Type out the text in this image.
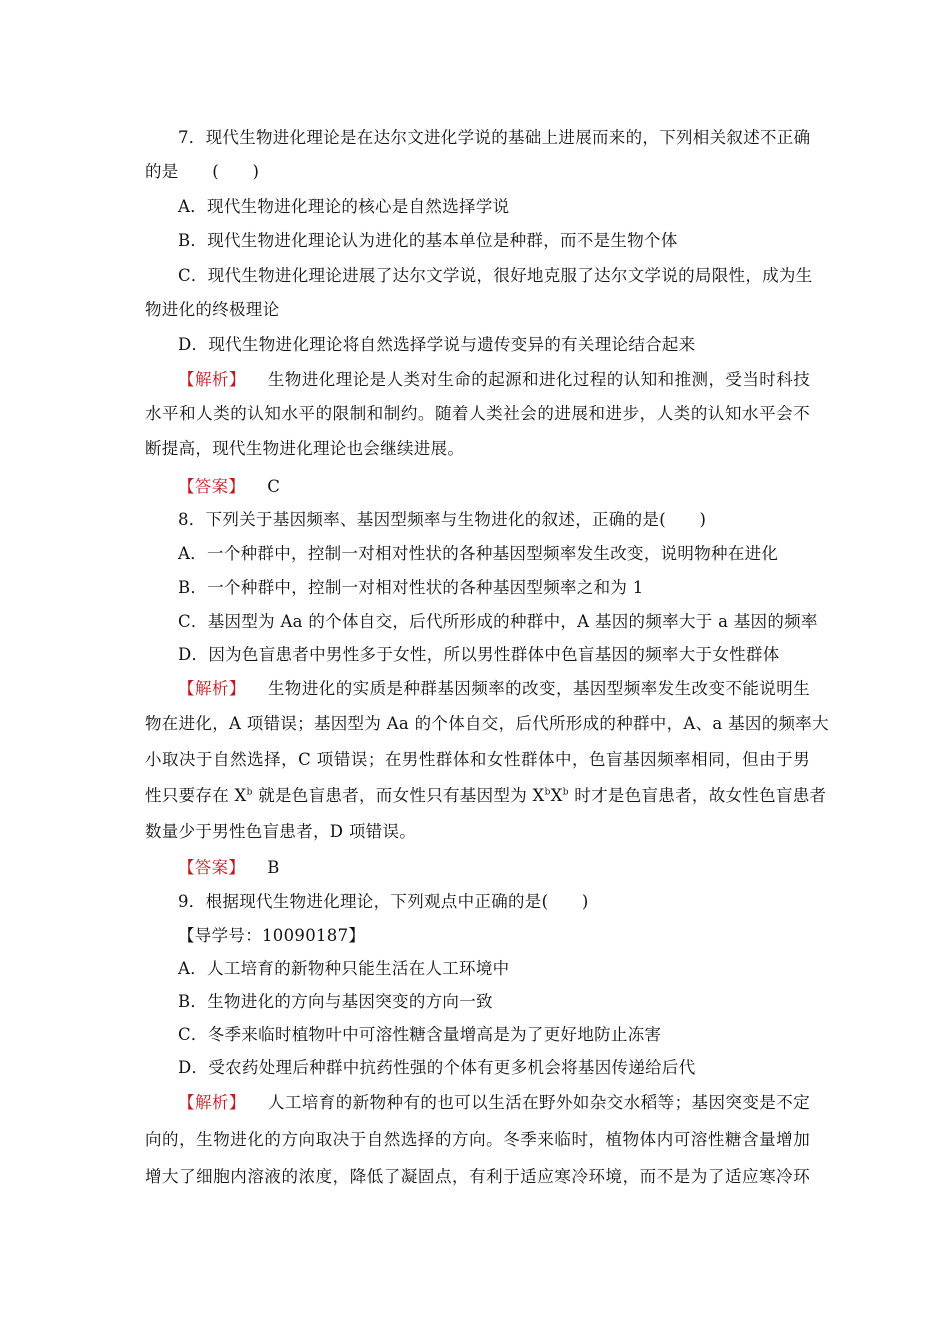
7．现代生物进化理论是在达尔文进化学说的基础上进展而来的，下列相关叙述不正确
的是　　(　　)
A．现代生物进化理论的核心是自然选择学说
B．现代生物进化理论认为进化的基本单位是种群，而不是生物个体
C．现代生物进化理论进展了达尔文学说，很好地克服了达尔文学说的局限性，成为生
物进化的终极理论
D．现代生物进化理论将自然选择学说与遗传变异的有关理论结合起来
【解析】 生物进化理论是人类对生命的起源和进化过程的认知和推测，受当时科技
水平和人类的认知水平的限制和制约。随着人类社会的进展和进步，人类的认知水平会不
断提高，现代生物进化理论也会继续进展。
【答案】 C
8．下列关于基因频率、基因型频率与生物进化的叙述，正确的是(　　)
A．一个种群中，控制一对相对性状的各种基因型频率发生改变，说明物种在进化
B．一个种群中，控制一对相对性状的各种基因型频率之和为 1
C．基因型为 Aa 的个体自交，后代所形成的种群中，A 基因的频率大于 a 基因的频率
D．因为色盲患者中男性多于女性，所以男性群体中色盲基因的频率大于女性群体
【解析】 生物进化的实质是种群基因频率的改变，基因型频率发生改变不能说明生
物在进化，A 项错误；基因型为 Aa 的个体自交，后代所形成的种群中，A、a 基因的频率大
小取决于自然选择，C 项错误；在男性群体和女性群体中，色盲基因频率相同，但由于男
性只要存在 $X^b$ 就是色盲患者，而女性只有基因型为 $X^bX^b$ 时才是色盲患者，故女性色盲患者
数量少于男性色盲患者，D 项错误。
【答案】 B
9．根据现代生物进化理论，下列观点中正确的是(　　)
【导学号：10090187】
A．人工培育的新物种只能生活在人工环境中
B．生物进化的方向与基因突变的方向一致
C．冬季来临时植物叶中可溶性糖含量增高是为了更好地防止冻害
D．受农药处理后种群中抗药性强的个体有更多机会将基因传递给后代
【解析】 人工培育的新物种有的也可以生活在野外如杂交水稻等；基因突变是不定
向的，生物进化的方向取决于自然选择的方向。冬季来临时，植物体内可溶性糖含量增加
增大了细胞内溶液的浓度，降低了凝固点，有利于适应寒冷环境，而不是为了适应寒冷环
